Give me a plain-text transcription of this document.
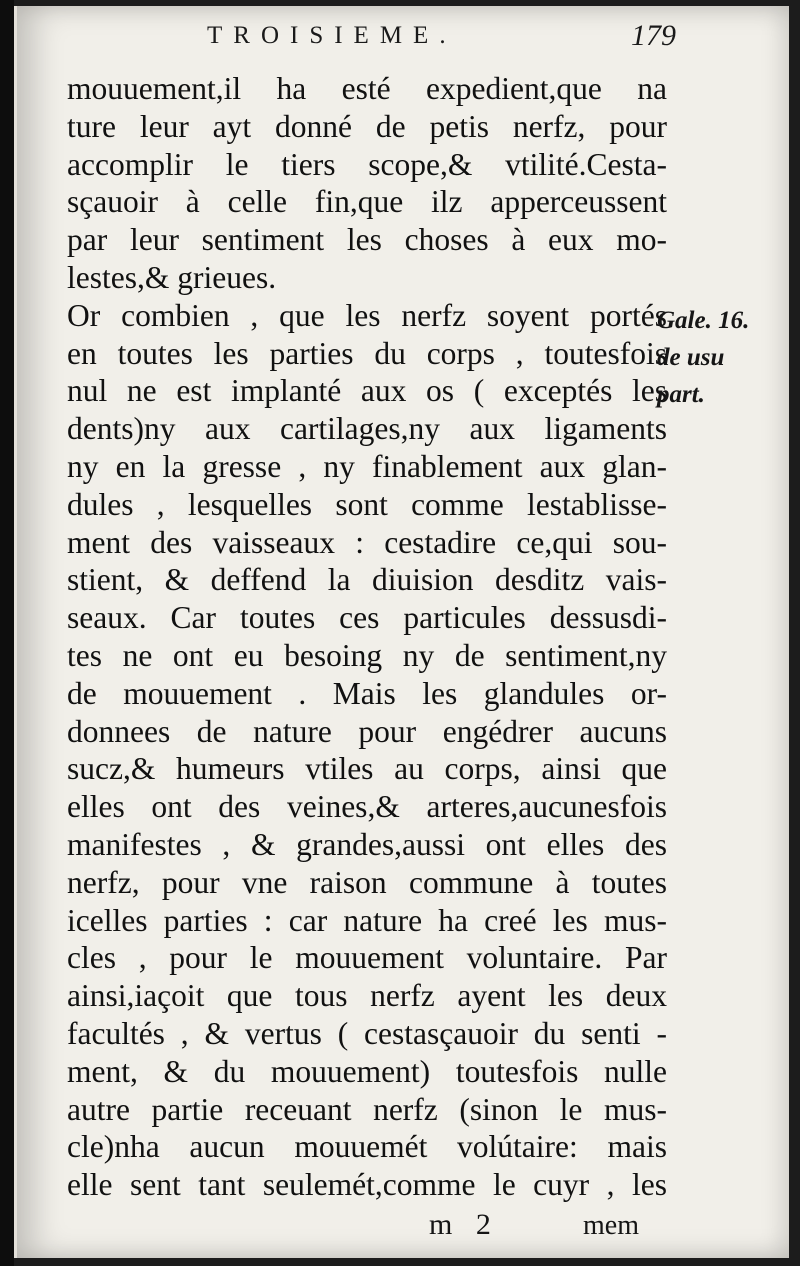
TROISIEME.	179
mouuement,il ha esté expedient,que na
ture leur ayt donné de petis nerfz, pour
accomplir le tiers scope,& vtilité.Cesta-
sçauoir à celle fin,que ilz apperceussent
par leur sentiment les choses à eux mo-
lestes,& grieues.
Or combien , que les nerfz soyent portés
en toutes les parties du corps , toutesfois
nul ne est implanté aux os ( exceptés les
dents)ny aux cartilages,ny aux ligaments
ny en la gresse , ny finablement aux glan-
dules , lesquelles sont comme lestablisse-
ment des vaisseaux : cestadire ce,qui sou-
stient, & deffend la diuision desditz vais-
seaux. Car toutes ces particules dessusdi-
tes ne ont eu besoing ny de sentiment,ny
de mouuement . Mais les glandules or-
donnees de nature pour engédrer aucuns
sucz,& humeurs vtiles au corps, ainsi que
elles ont des veines,& arteres,aucunesfois
manifestes , & grandes,aussi ont elles des
nerfz, pour vne raison commune à toutes
icelles parties : car nature ha creé les mus-
cles , pour le mouuement voluntaire. Par
ainsi,iaçoit que tous nerfz ayent les deux
facultés , & vertus ( cestasçauoir du senti -
ment, & du mouuement) toutesfois nulle
autre partie receuant nerfz (sinon le mus-
cle)nha aucun mouuemét volútaire: mais
elle sent tant seulemét,comme le cuyr , les
Gale. 16.
de usu
part.
m 2	mem
